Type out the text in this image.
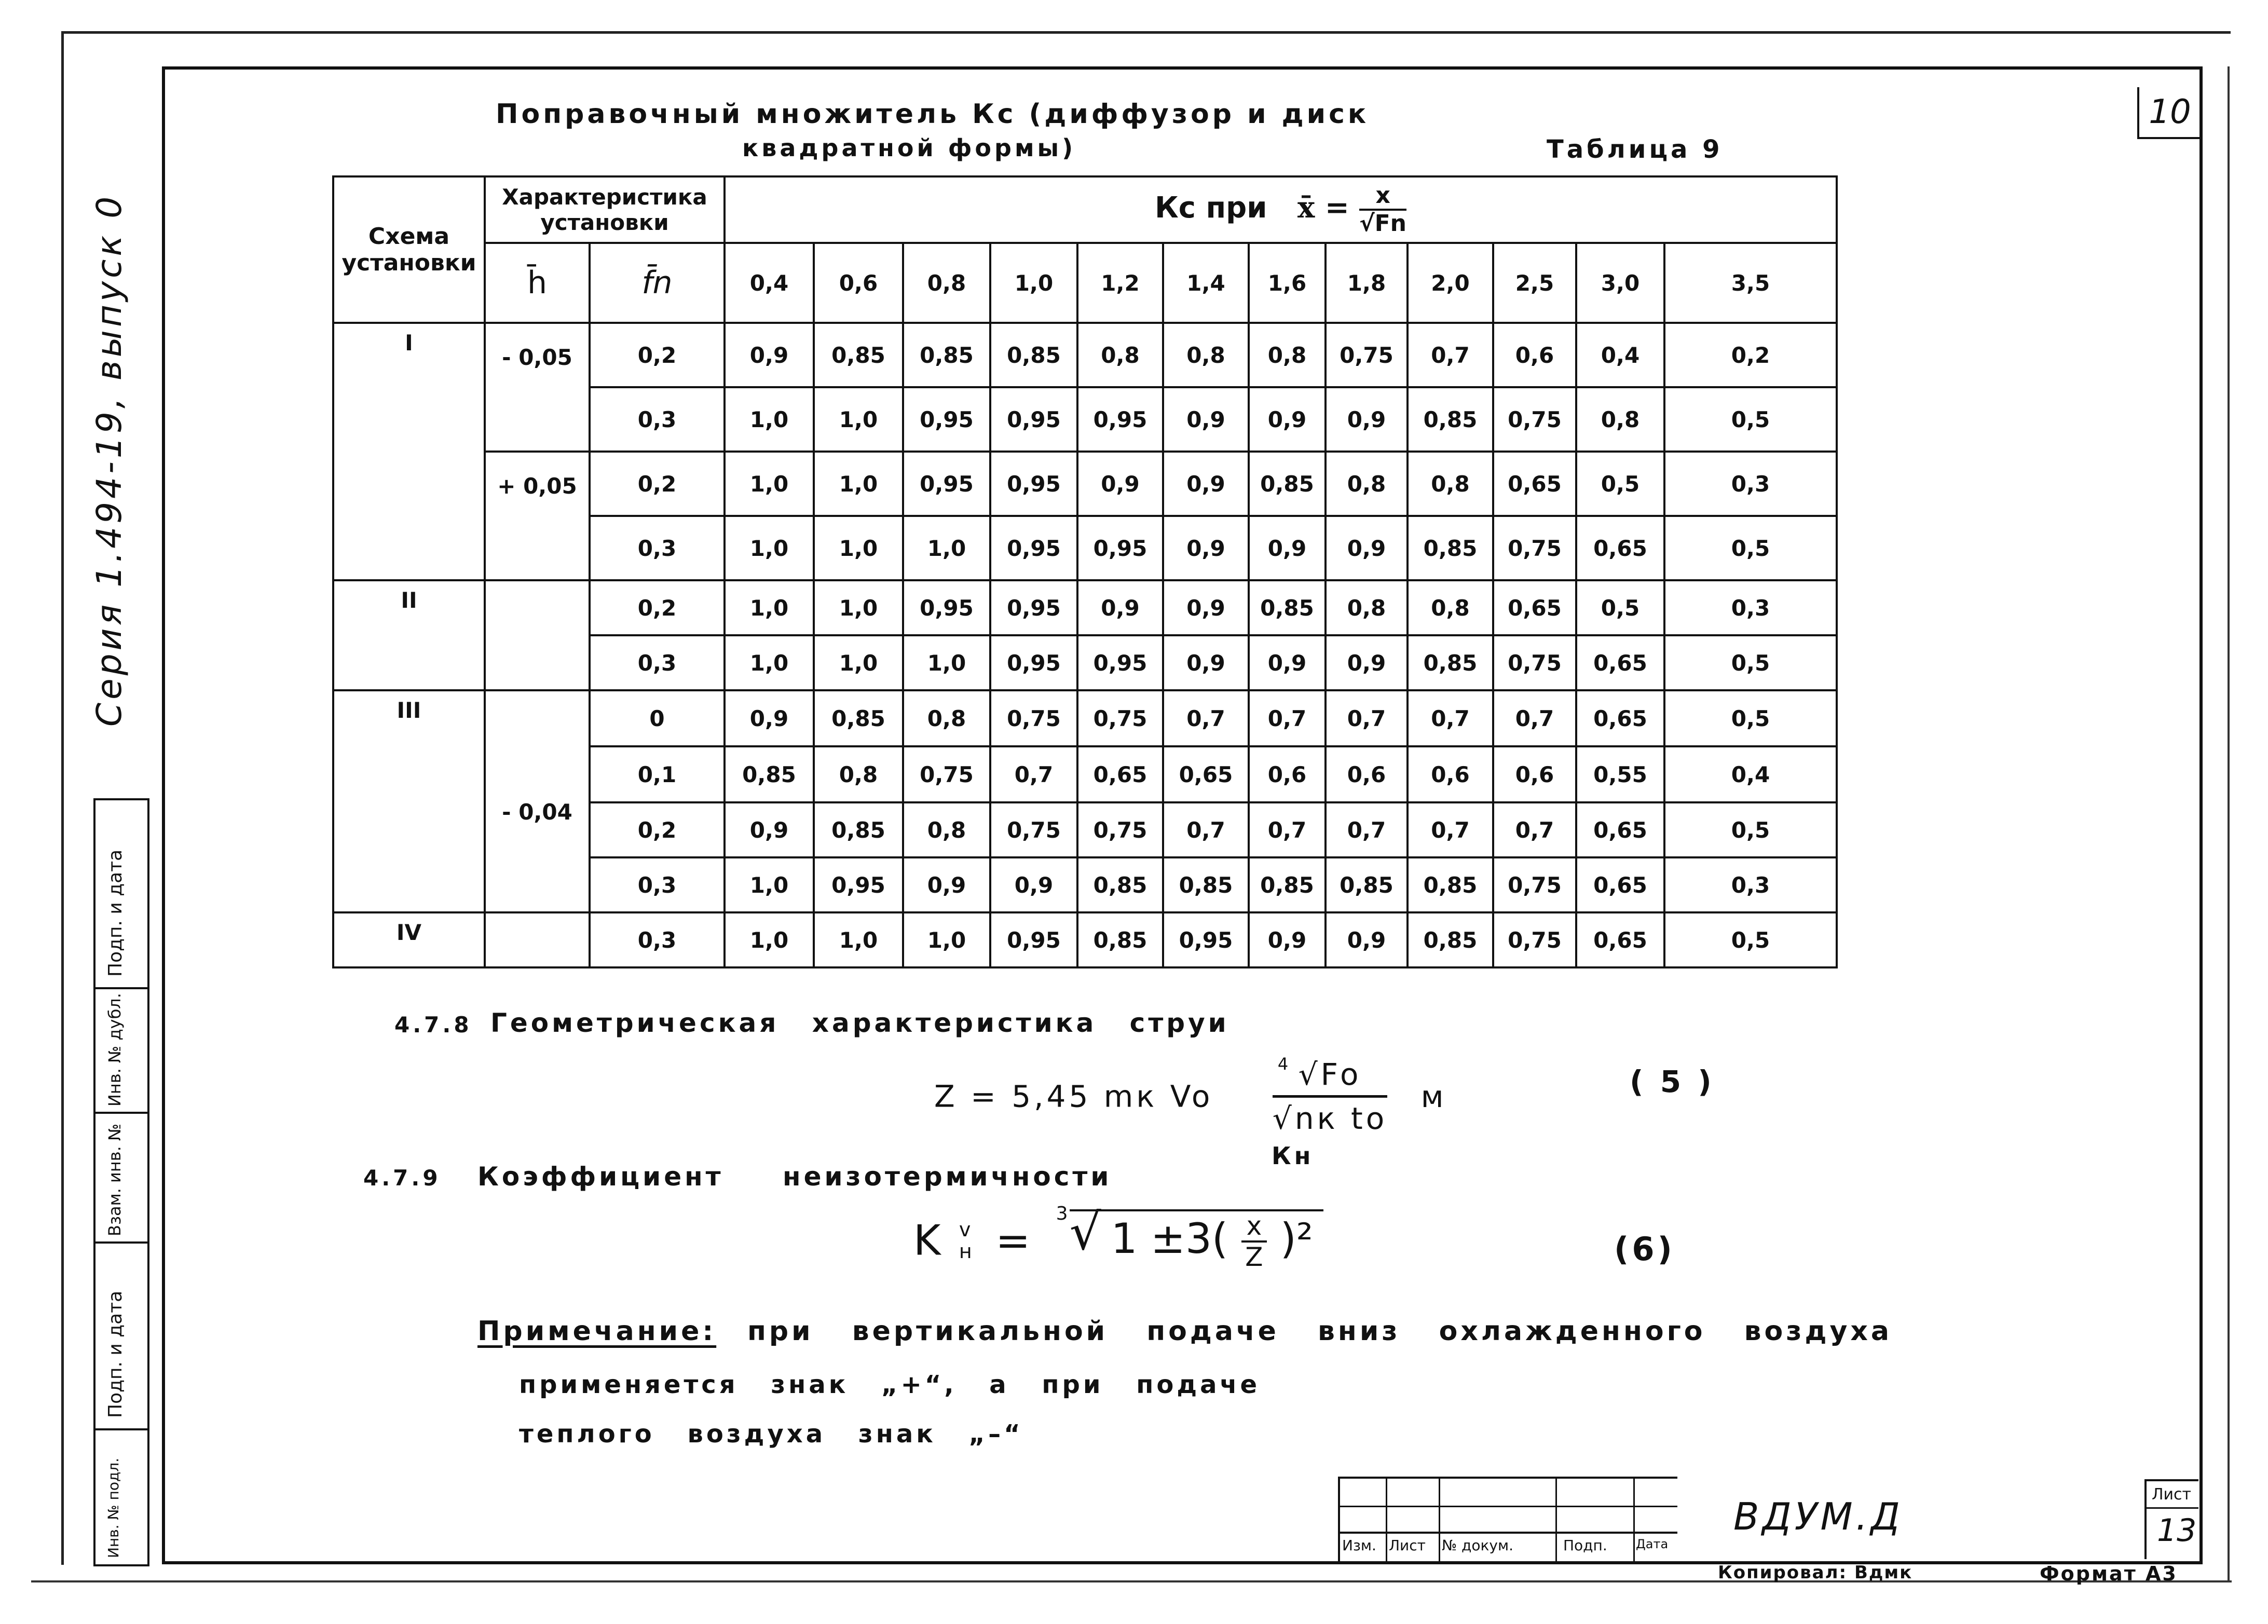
10
Серия 1.494-19, выпуск 0
Подп. и дата
Инв. № дубл.
Взам. инв. №
Подп. и дата
Инв. № подл.
Поправочный множитель Кс (диффузор и диск
квадратной формы)	Таблица 9
Схема установки	Характеристика установки		Кс при x̄ = $\frac{x}{√Fn}$

	h̄	f̄n	0,4	0,6	0,8	1,0	1,2	1,4	1,6	1,8	2,0	2,5	3,0	3,5
I	- 0,05	0,2	0,9	0,85	0,85	0,85	0,8	0,8	0,8	0,75	0,7	0,6	0,4	0,2
		0,3	1,0	1,0	0,95	0,95	0,95	0,9	0,9	0,9	0,85	0,75	0,8	0,5
	+ 0,05	0,2	1,0	1,0	0,95	0,95	0,9	0,9	0,85	0,8	0,8	0,65	0,5	0,3
		0,3	1,0	1,0	1,0	0,95	0,95	0,9	0,9	0,9	0,85	0,75	0,65	0,5
II		0,2	1,0	1,0	0,95	0,95	0,9	0,9	0,85	0,8	0,8	0,65	0,5	0,3
		0,3	1,0	1,0	1,0	0,95	0,95	0,9	0,9	0,9	0,85	0,75	0,65	0,5
III	- 0,04	0	0,9	0,85	0,8	0,75	0,75	0,7	0,7	0,7	0,7	0,7	0,65	0,5
		0,1	0,85	0,8	0,75	0,7	0,65	0,65	0,6	0,6	0,6	0,6	0,55	0,4
		0,2	0,9	0,85	0,8	0,75	0,75	0,7	0,7	0,7	0,7	0,7	0,65	0,5
		0,3	1,0	0,95	0,9	0,9	0,85	0,85	0,85	0,85	0,85	0,75	0,65	0,3
IV		0,3	1,0	1,0	1,0	0,95	0,85	0,95	0,9	0,9	0,85	0,75	0,65	0,5
4.7.8 Геометрическая характеристика струи
Z = 5,45 mк Vo
4 √Fo
√nк to
м	( 5 )
4.7.9 Коэффициент неизотермичности
Кн
K v
н =
3 √ $1 \pm 3( \frac{x}{Z} )^2$	(6)
Примечание: при вертикальной подаче вниз охлажденного воздуха
применяется знак „+“, а при подаче
теплого воздуха знак „–“
Изм. Лист № докум.	Подп. Дата
ВДУМ.Д
Лист
13
Копировал: Вдмк	Формат А3
